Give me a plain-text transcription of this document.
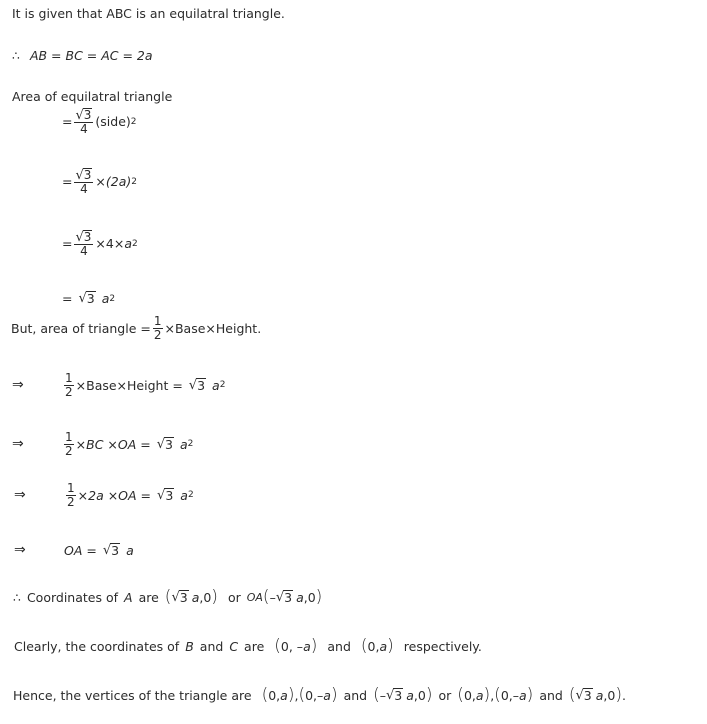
It is given that ABC is an equilatral triangle.
∴ AB = BC = AC = 2a
Area of equilatral triangle
= $\frac{√ 3}{4}$ (side) 2
= $\frac{√ 3}{4} \times(2a)$ 2
= $\frac{√ 3}{4} \times 4\times a$ 2
= √ 3 a 2
But, area of triangle = $\frac{1}{2}$ ×Base×Height.
⇒	$\frac{1}{2}$ ×Base×Height = √ 3 a 2
⇒	$\frac{1}{2} \times BC \times OA$ = √ 3 a 2
⇒	$\frac{1}{2} \times 2a \times OA$ = √ 3 a 2
⇒	OA = √ 3 a
∴ Coordinates of A are ( √ 3 a ,0 ) or OA ( – √ 3 a ,0 )
Clearly, the coordinates of B and C are ( 0, – a ) and ( 0, a ) respectively.
Hence, the vertices of the triangle are ( 0, a ) , ( 0,– a ) and ( – √ 3 a ,0 ) or ( 0, a ) , ( 0,– a ) and ( √ 3 a ,0 ) .
